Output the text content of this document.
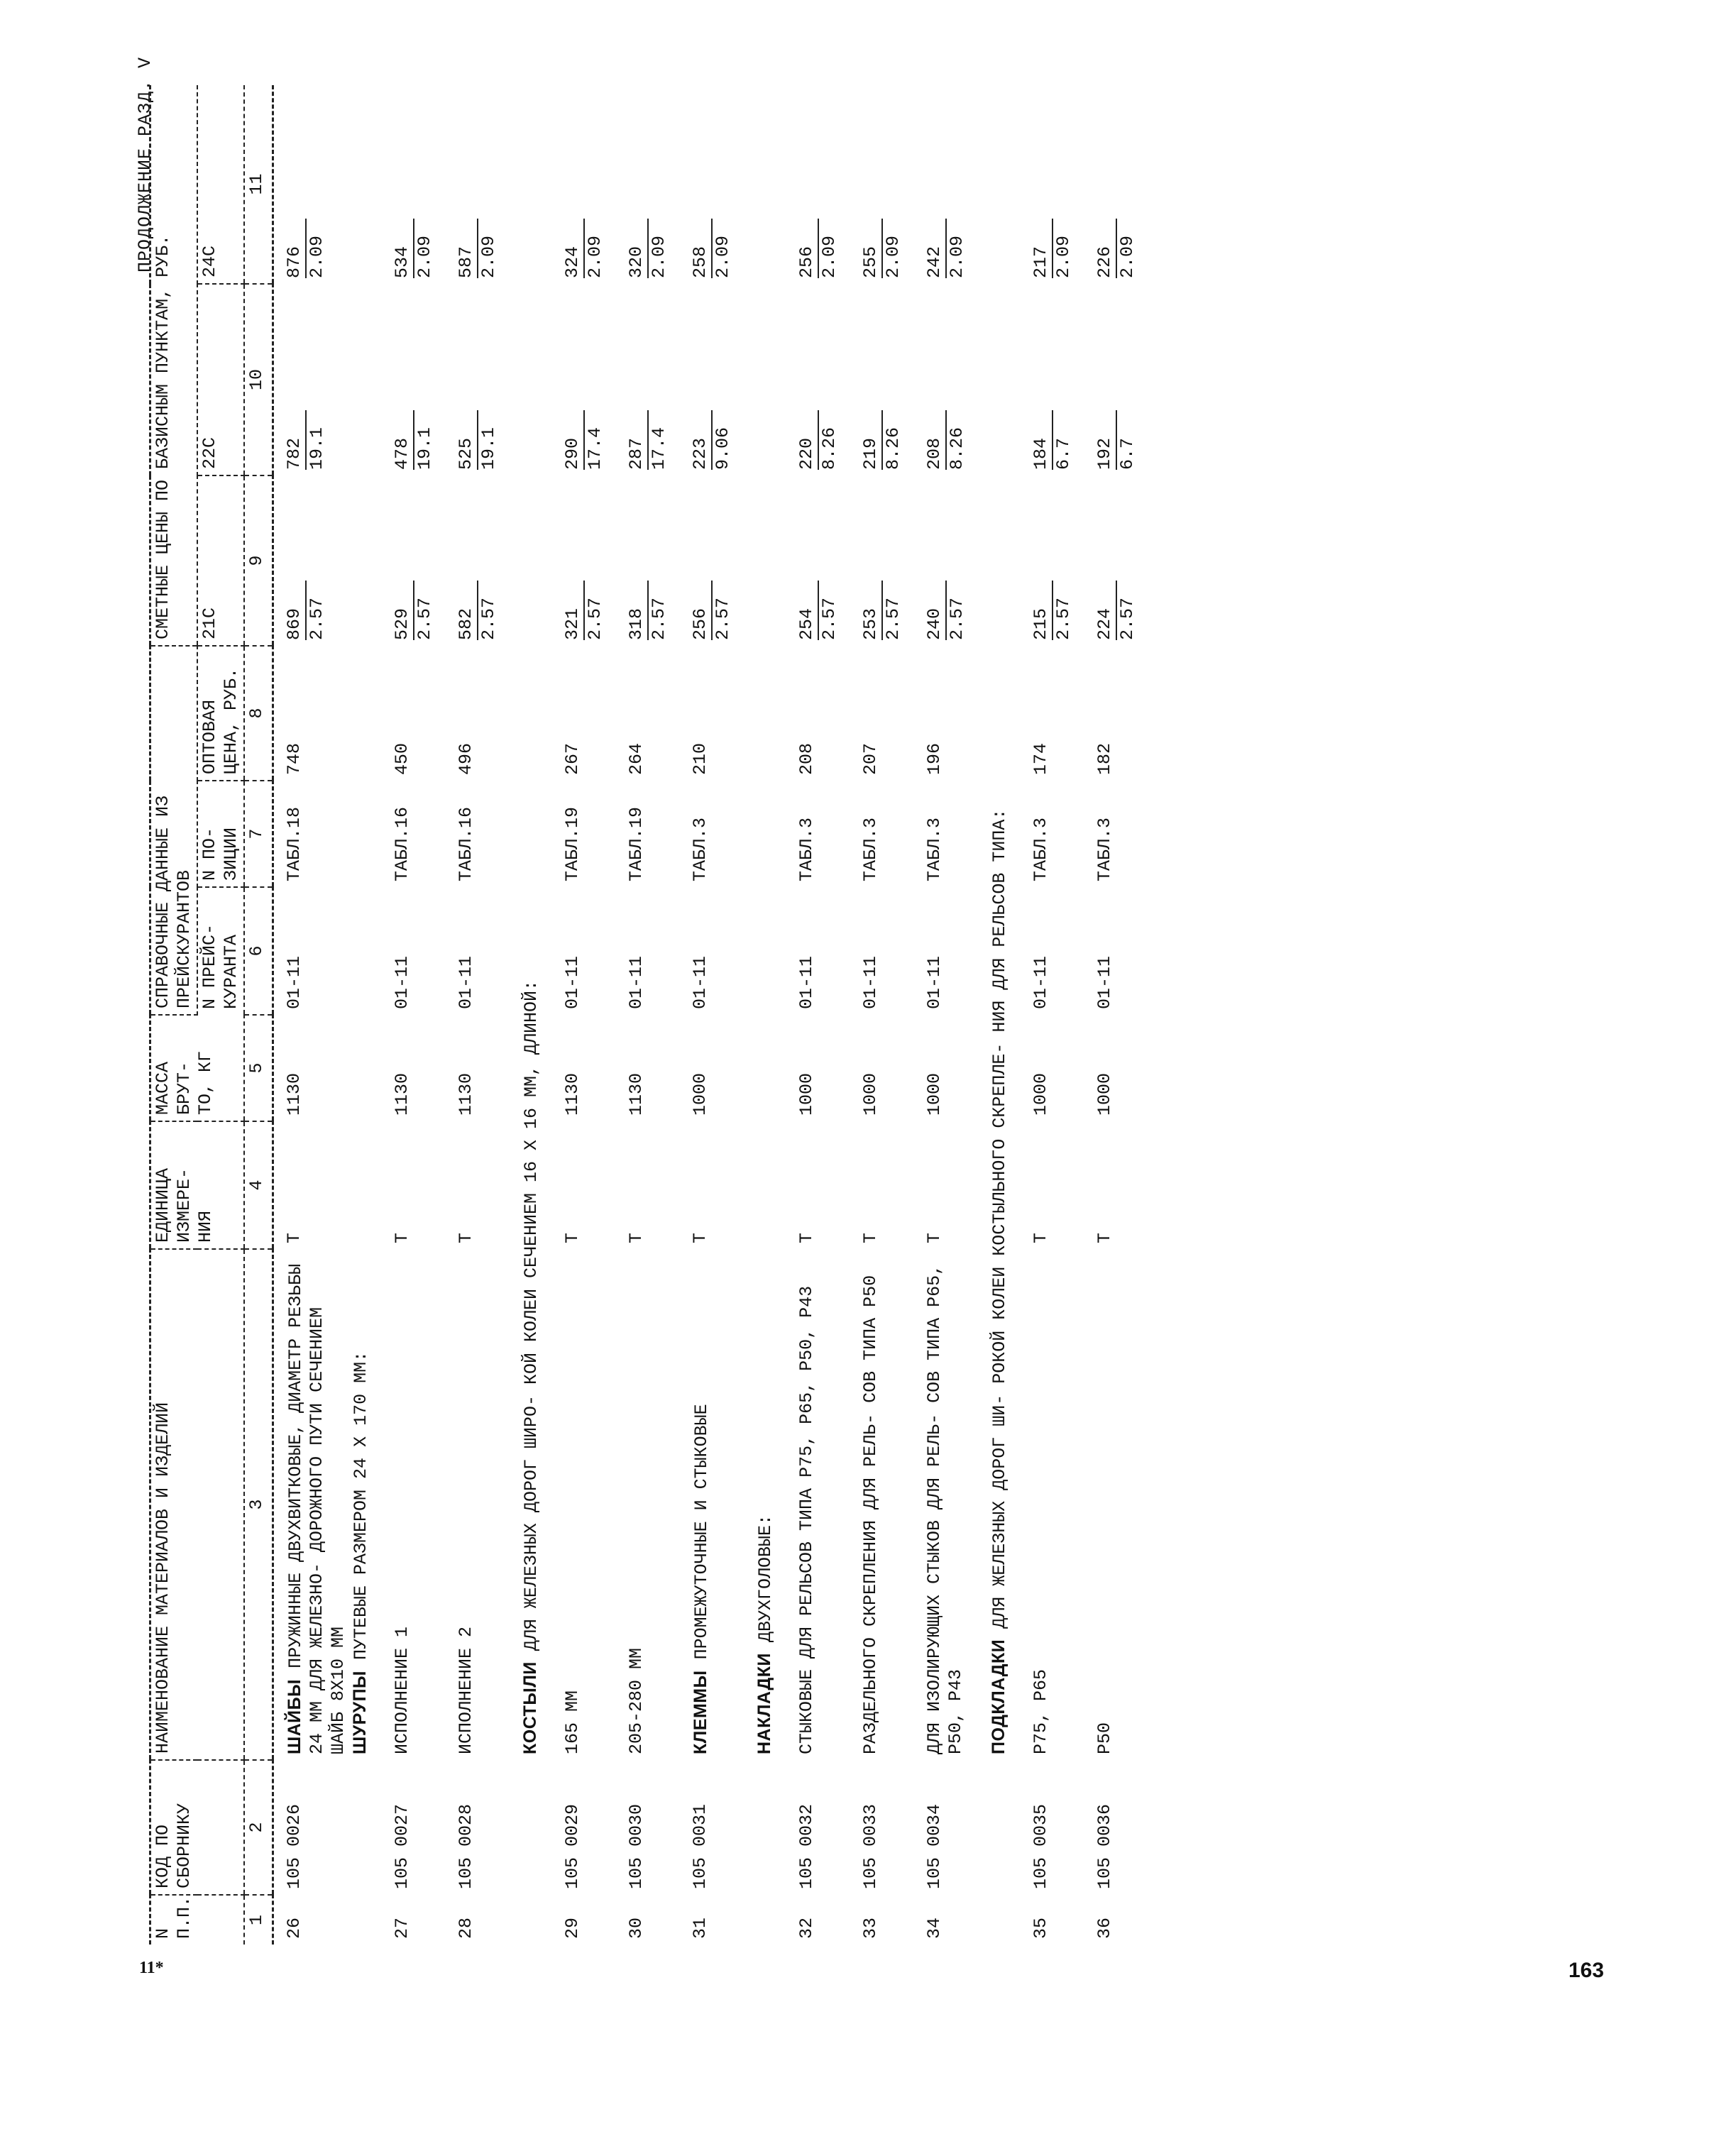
ПРОДОЛЖЕНИЕ РАЗД. V
N П.П.	КОД ПО СБОРНИКУ	НАИМЕНОВАНИЕ МАТЕРИАЛОВ И ИЗДЕЛИЙ	ЕДИНИЦА ИЗМЕРЕ- НИЯ	МАССА БРУТ- ТО, КГ	СПРАВОЧНЫЕ ДАННЫЕ ИЗ ПРЕЙСКУРАНТОВ			СМЕТНЫЕ ЦЕНЫ ПО БАЗИСНЫМ ПУНКТАМ, РУБ.		
					N ПРЕЙС- КУРАНТА	N ПО- ЗИЦИИ	ОПТОВАЯ ЦЕНА, РУБ.	21С	22С	24С
1	2	3	4	5	6	7	8	9	10	11
26	105 0026	ШАЙБЫ ПРУЖИННЫЕ ДВУХВИТКОВЫЕ, ДИАМЕТР РЕЗЬБЫ 24 ММ ДЛЯ ЖЕЛЕЗНО- ДОРОЖНОГО ПУТИ СЕЧЕНИЕМ ШАЙБ 8X10 ММ ШУРУПЫ ПУТЕВЫЕ РАЗМЕРОМ 24 X 170 ММ:	Т	1130	01-11	ТАБЛ.18	748	869 2.57	782 19.1	876 2.09

27	105 0027	ИСПОЛНЕНИЕ 1	Т	1130	01-11	ТАБЛ.16	450	529 2.57	478 19.1	534 2.09

28	105 0028	ИСПОЛНЕНИЕ 2	Т	1130	01-11	ТАБЛ.16	496	582 2.57	525 19.1	587 2.09

		КОСТЫЛИ ДЛЯ ЖЕЛЕЗНЫХ ДОРОГ ШИРО- КОЙ КОЛЕИ СЕЧЕНИЕМ 16 X 16 ММ, ДЛИНОЙ:								
29	105 0029	165 ММ	Т	1130	01-11	ТАБЛ.19	267	321 2.57	290 17.4	324 2.09

30	105 0030	205-280 ММ	Т	1130	01-11	ТАБЛ.19	264	318 2.57	287 17.4	320 2.09

31	105 0031	КЛЕММЫ ПРОМЕЖУТОЧНЫЕ И СТЫКОВЫЕ	Т	1000	01-11	ТАБЛ.3	210	256 2.57	223 9.06	258 2.09

		НАКЛАДКИ ДВУХГОЛОВЫЕ:								
32	105 0032	СТЫКОВЫЕ ДЛЯ РЕЛЬСОВ ТИПА Р75, Р65, Р50, Р43	Т	1000	01-11	ТАБЛ.3	208	254 2.57	220 8.26	256 2.09

33	105 0033	РАЗДЕЛЬНОГО СКРЕПЛЕНИЯ ДЛЯ РЕЛЬ- СОВ ТИПА Р50	Т	1000	01-11	ТАБЛ.3	207	253 2.57	219 8.26	255 2.09

34	105 0034	ДЛЯ ИЗОЛИРУЮЩИХ СТЫКОВ ДЛЯ РЕЛЬ- СОВ ТИПА Р65, Р50, Р43	Т	1000	01-11	ТАБЛ.3	196	240 2.57	208 8.26	242 2.09

		ПОДКЛАДКИ ДЛЯ ЖЕЛЕЗНЫХ ДОРОГ ШИ- РОКОЙ КОЛЕИ КОСТЫЛЬНОГО СКРЕПЛЕ- НИЯ ДЛЯ РЕЛЬСОВ ТИПА:								
35	105 0035	Р75, Р65	Т	1000	01-11	ТАБЛ.3	174	215 2.57	184 6.7	217 2.09

36	105 0036	Р50	Т	1000	01-11	ТАБЛ.3	182	224 2.57	192 6.7	226 2.09
11*	163
